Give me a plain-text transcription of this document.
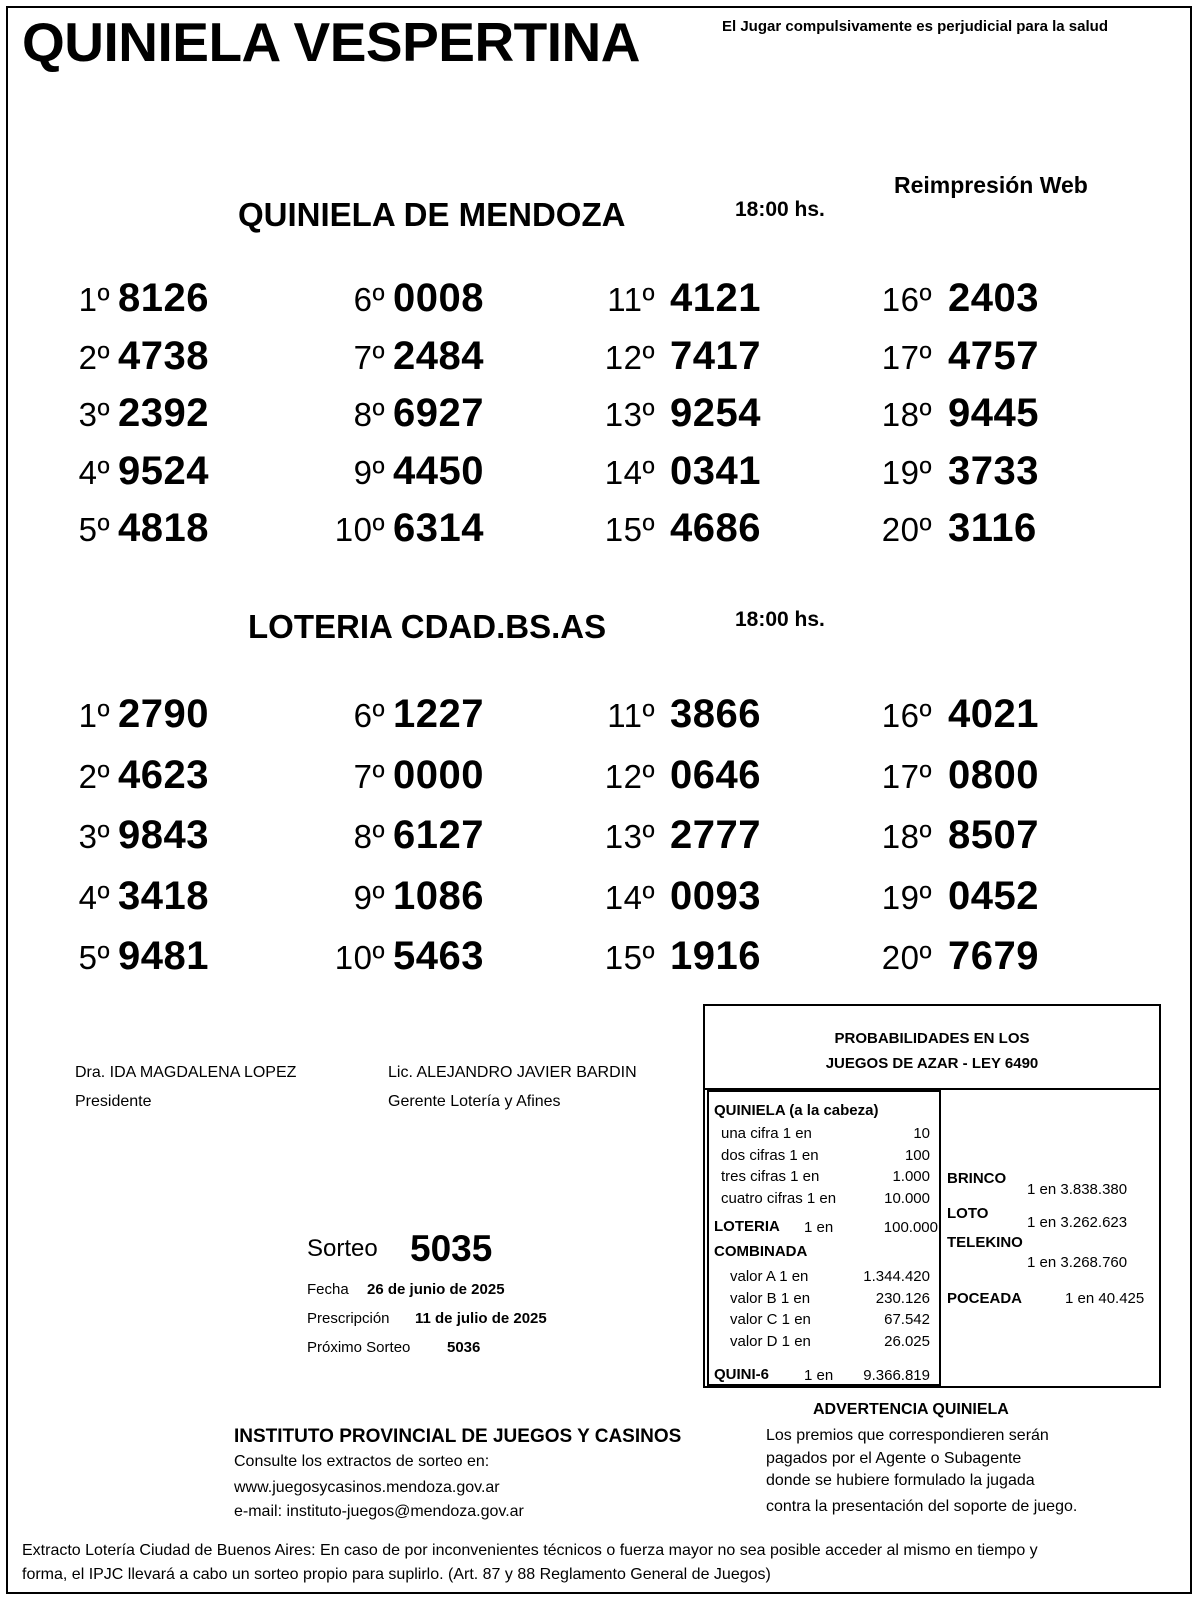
QUINIELA VESPERTINA	El Jugar compulsivamente es perjudicial para la salud
Reimpresión Web
QUINIELA DE MENDOZA	18:00 hs.
1º 8126
2º 4738
3º 2392
4º 9524
5º 4818
6º 0008
7º 2484
8º 6927
9º 4450
10º 6314
11º 4121
12º 7417
13º 9254
14º 0341
15º 4686
16º 2403
17º 4757
18º 9445
19º 3733
20º 3116
LOTERIA CDAD.BS.AS	18:00 hs.
1º 2790
2º 4623
3º 9843
4º 3418
5º 9481
6º 1227
7º 0000
8º 6127
9º 1086
10º 5463
11º 3866
12º 0646
13º 2777
14º 0093
15º 1916
16º 4021
17º 0800
18º 8507
19º 0452
20º 7679
Dra. IDA MAGDALENA LOPEZ
Presidente
Lic. ALEJANDRO JAVIER BARDIN
Gerente Lotería y Afines
PROBABILIDADES EN LOS
JUEGOS DE AZAR - LEY 6490
QUINIELA (a la cabeza)
una cifra 1 en	10
dos cifras 1 en	100
tres cifras 1 en	1.000
cuatro cifras 1 en	10.000
LOTERIA 1 en	100.000
COMBINADA
valor A 1 en	1.344.420
valor B 1 en	230.126
valor C 1 en	67.542
valor D 1 en	26.025
QUINI-6 1 en	9.366.819
BRINCO
1 en 3.838.380
LOTO
1 en 3.262.623
TELEKINO
1 en 3.268.760
POCEADA	1 en 40.425
Sorteo 5035
Fecha 26 de junio de 2025
Prescripción 11 de julio de 2025
Próximo Sorteo 5036
INSTITUTO PROVINCIAL DE JUEGOS Y CASINOS
Consulte los extractos de sorteo en:
www.juegosycasinos.mendoza.gov.ar
e-mail: instituto-juegos@mendoza.gov.ar
ADVERTENCIA QUINIELA
Los premios que correspondieren serán
pagados por el Agente o Subagente
donde se hubiere formulado la jugada
contra la presentación del soporte de juego.
Extracto Lotería Ciudad de Buenos Aires: En caso de por inconvenientes técnicos o fuerza mayor no sea posible acceder al mismo en tiempo y
forma, el IPJC llevará a cabo un sorteo propio para suplirlo. (Art. 87 y 88 Reglamento General de Juegos)
